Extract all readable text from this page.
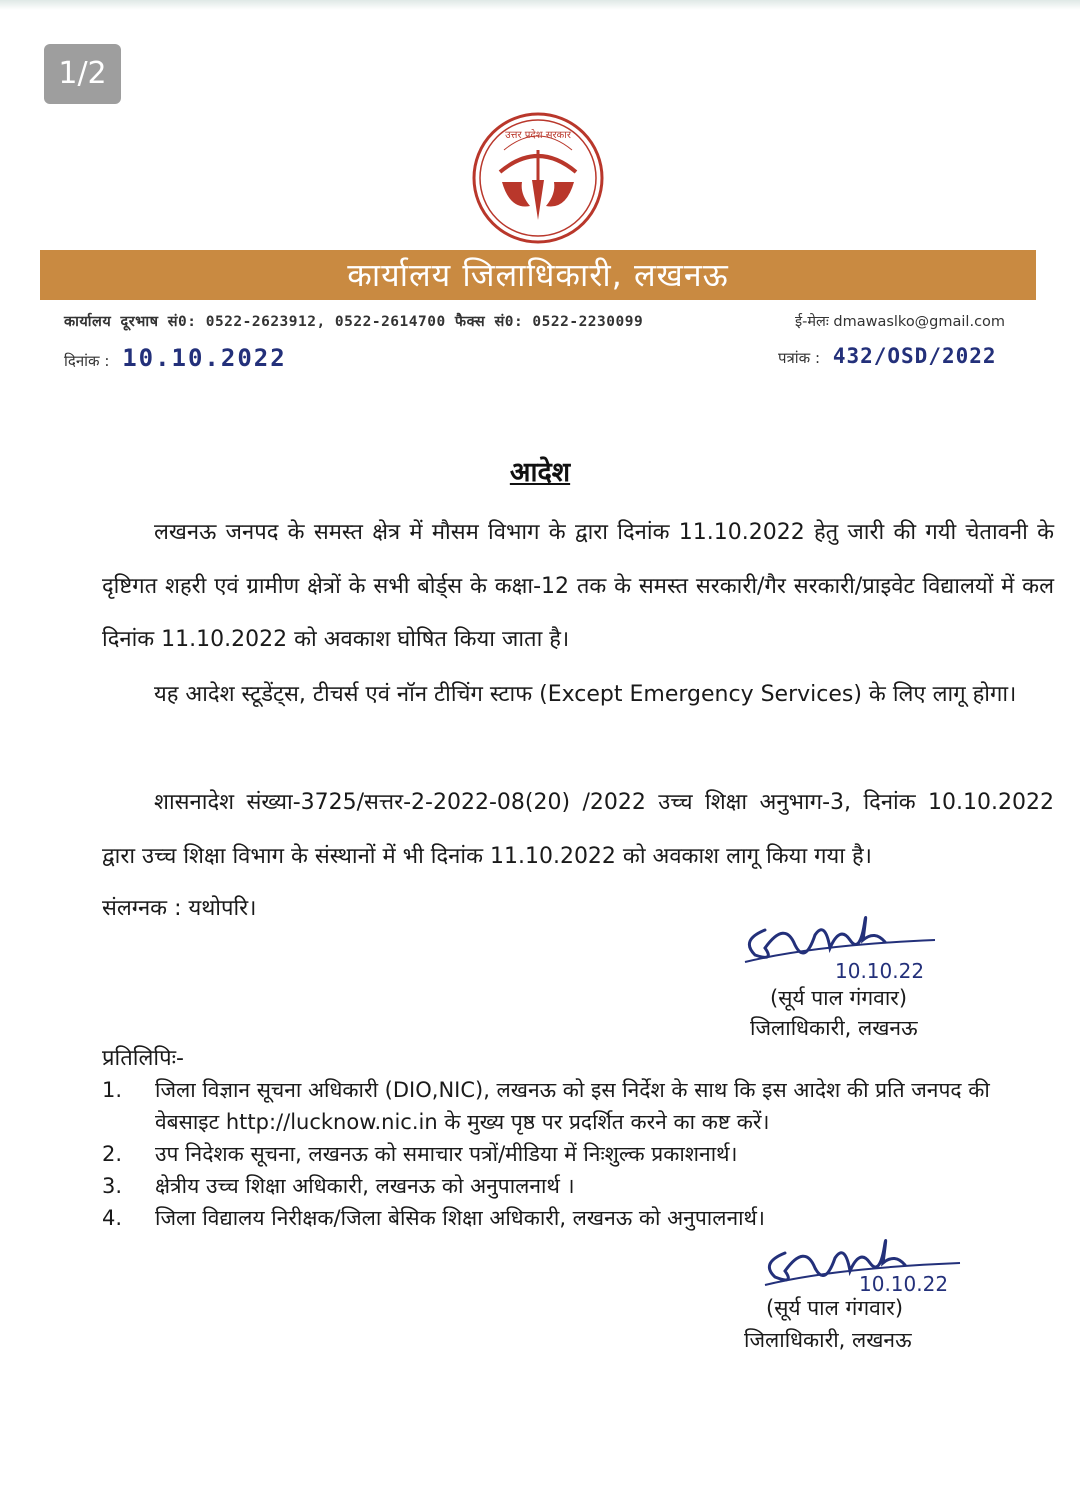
1/2
उत्तर प्रदेश सरकार
कार्यालय जिलाधिकारी, लखनऊ
कार्यालय दूरभाष सं0: 0522-2623912, 0522-2614700 फैक्स सं0: 0522-2230099	ई-मेलः dmawaslko@gmail.com
दिनांक : 10.10.2022	पत्रांक : 432/OSD/2022
आदेश
लखनऊ जनपद के समस्त क्षेत्र में मौसम विभाग के द्वारा दिनांक 11.10.2022 हेतु जारी की गयी चेतावनी के दृष्टिगत शहरी एवं ग्रामीण क्षेत्रों के सभी बोर्ड्स के कक्षा-12 तक के समस्त सरकारी/गैर सरकारी/प्राइवेट विद्यालयों में कल दिनांक 11.10.2022 को अवकाश घोषित किया जाता है।
यह आदेश स्टूडेंट्स, टीचर्स एवं नॉन टीचिंग स्टाफ (Except Emergency Services) के लिए लागू होगा।
शासनादेश संख्या-3725/सत्तर-2-2022-08(20) /2022 उच्च शिक्षा अनुभाग-3, दिनांक 10.10.2022 द्वारा उच्च शिक्षा विभाग के संस्थानों में भी दिनांक 11.10.2022 को अवकाश लागू किया गया है।
संलग्नक : यथोपरि।
10.10.22
(सूर्य पाल गंगवार)
जिलाधिकारी, लखनऊ
प्रतिलिपिः-
1. जिला विज्ञान सूचना अधिकारी (DIO,NIC), लखनऊ को इस निर्देश के साथ कि इस आदेश की प्रति जनपद की वेबसाइट http://lucknow.nic.in के मुख्य पृष्ठ पर प्रदर्शित करने का कष्ट करें।
2. उप निदेशक सूचना, लखनऊ को समाचार पत्रों/मीडिया में निःशुल्क प्रकाशनार्थ।
3. क्षेत्रीय उच्च शिक्षा अधिकारी, लखनऊ को अनुपालनार्थ ।
4. जिला विद्यालय निरीक्षक/जिला बेसिक शिक्षा अधिकारी, लखनऊ को अनुपालनार्थ।
10.10.22
(सूर्य पाल गंगवार)
जिलाधिकारी, लखनऊ
